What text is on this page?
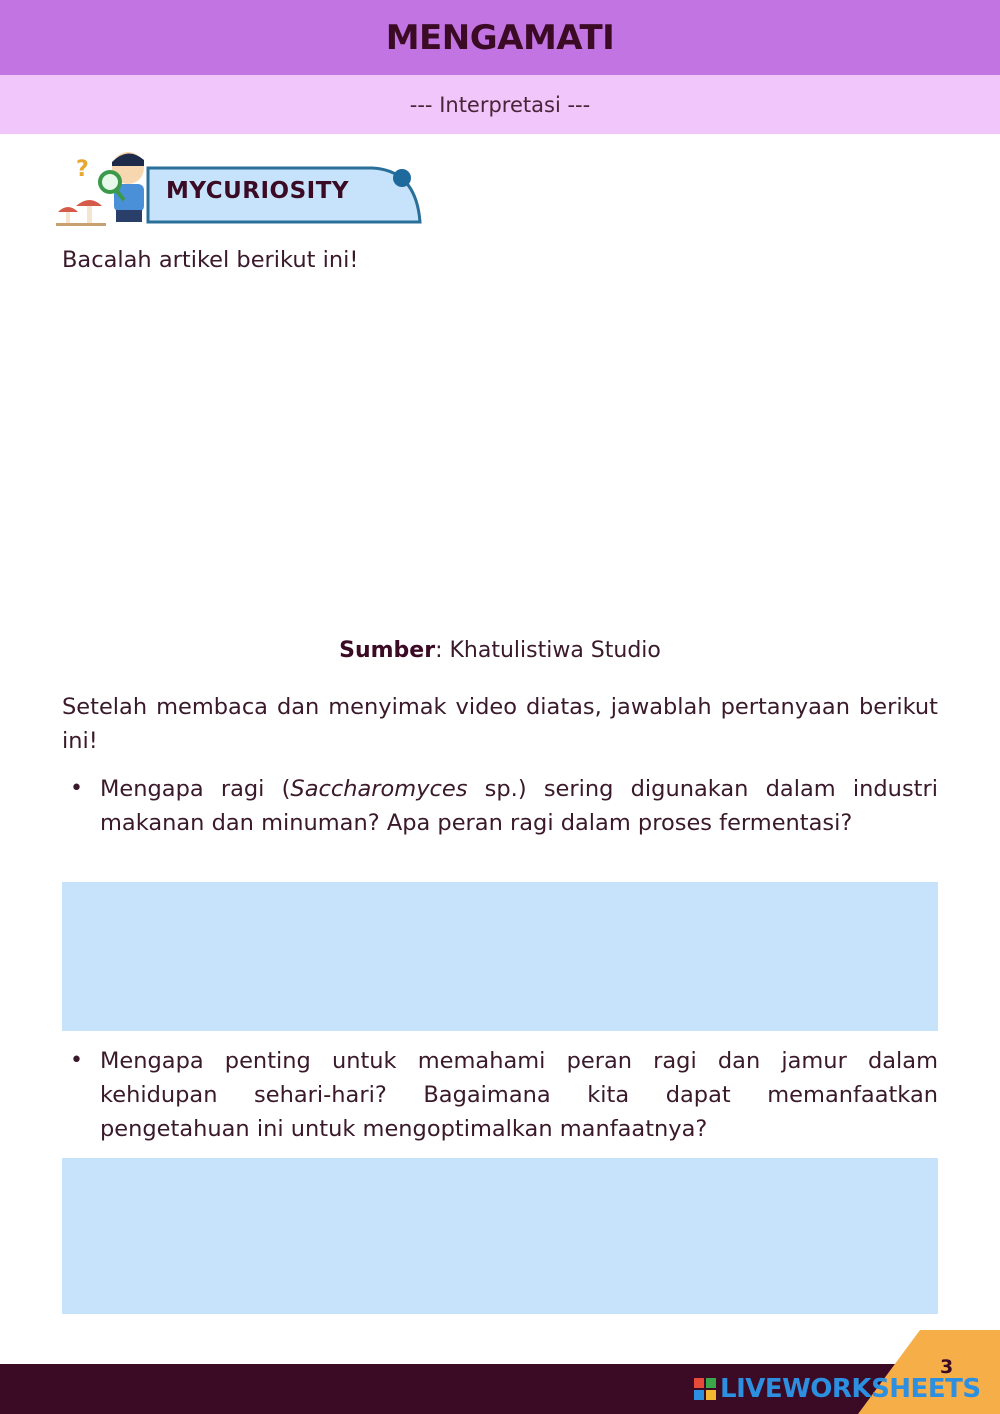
MENGAMATI
--- Interpretasi ---
?
MYCURIOSITY
Bacalah artikel berikut ini!
Sumber: Khatulistiwa Studio
Setelah membaca dan menyimak video diatas, jawablah pertanyaan berikut ini!
• Mengapa ragi (Saccharomyces sp.) sering digunakan dalam industri makanan dan minuman? Apa peran ragi dalam proses fermentasi?
• Mengapa penting untuk memahami peran ragi dan jamur dalam kehidupan sehari-hari? Bagaimana kita dapat memanfaatkan pengetahuan ini untuk mengoptimalkan manfaatnya?
3
LIVEWORKSHEETS
